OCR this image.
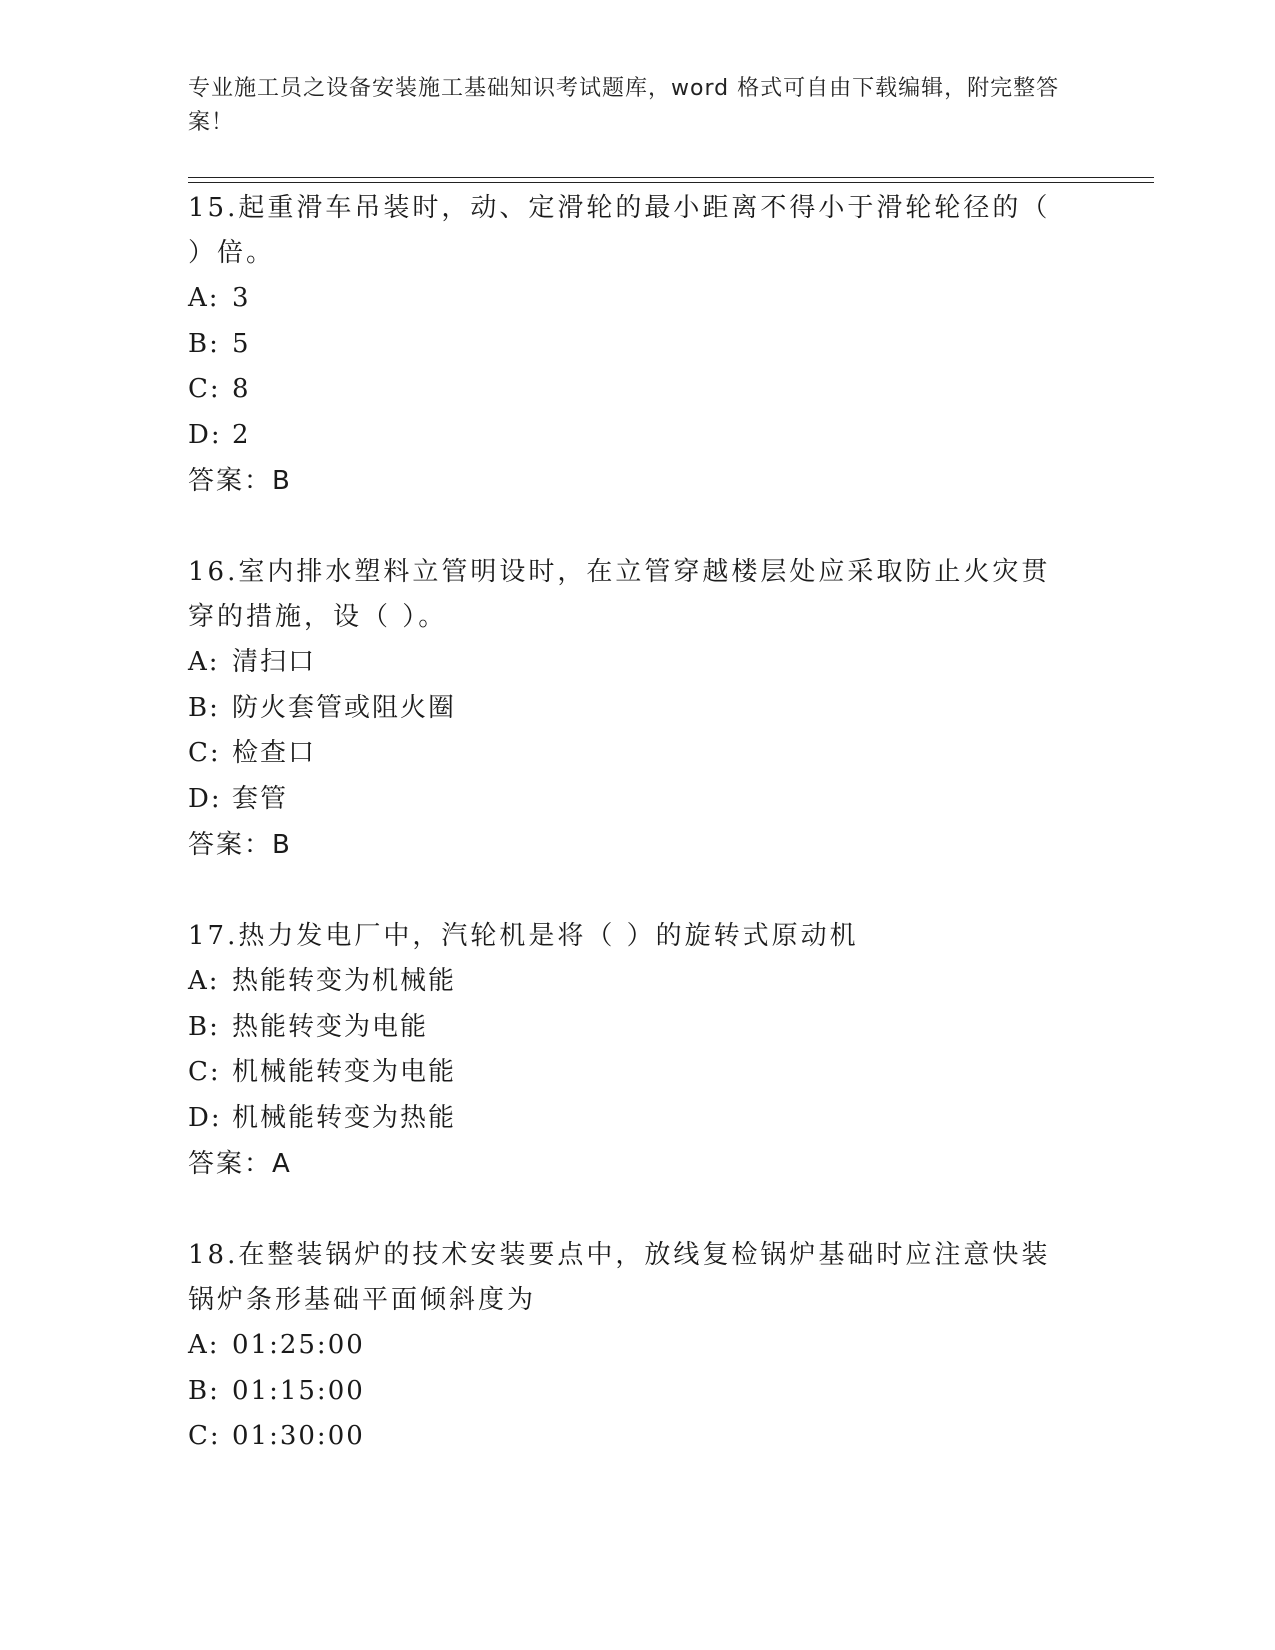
专业施工员之设备安装施工基础知识考试题库，word 格式可自由下载编辑，附完整答案！

15.起重滑车吊装时，动、定滑轮的最小距离不得小于滑轮轮径的（ ）倍。

A: 3

B: 5

C: 8

D: 2

答案：B

16.室内排水塑料立管明设时，在立管穿越楼层处应采取防止火灾贯穿的措施，设（ ）。

A: 清扫口

B: 防火套管或阻火圈

C: 检查口

D: 套管

答案：B

17.热力发电厂中，汽轮机是将（ ）的旋转式原动机

A: 热能转变为机械能

B: 热能转变为电能

C: 机械能转变为电能

D: 机械能转变为热能

答案：A

18.在整装锅炉的技术安装要点中，放线复检锅炉基础时应注意快装锅炉条形基础平面倾斜度为

A: 01:25:00

B: 01:15:00

C: 01:30:00
